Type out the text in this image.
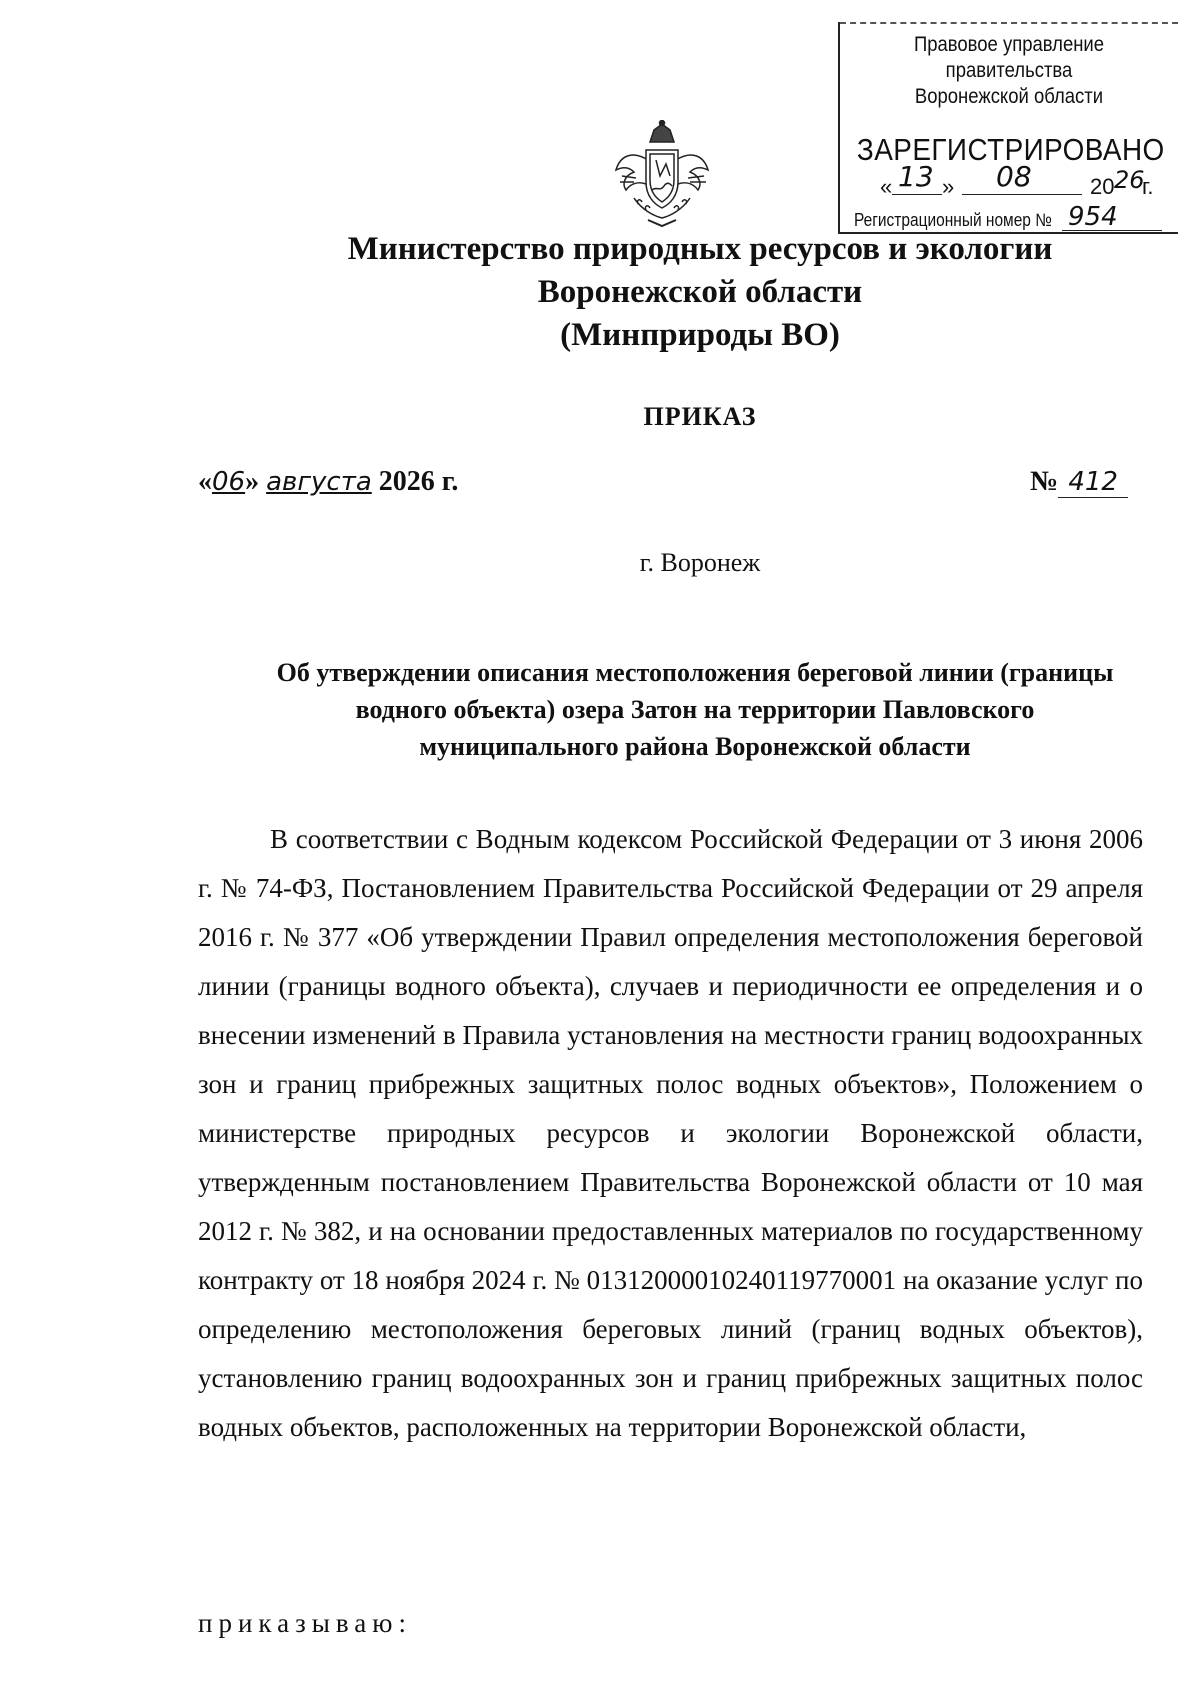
Правовое управление правительства
Воронежской области
ЗАРЕГИСТРИРОВАНО
« 13 » 08	20 26
г.
Регистрационный номер № 954
Министерство природных ресурсов и экологии
Воронежской области
(Минприроды ВО)
ПРИКАЗ
«06» августа 2026 г.	№ 412
г. Воронеж
Об утверждении описания местоположения береговой линии (границы
водного объекта) озера Затон на территории Павловского
муниципального района Воронежской области
В соответствии с Водным кодексом Российской Федерации от 3 июня 2006 г. № 74-ФЗ, Постановлением Правительства Российской Федерации от 29 апреля 2016 г. № 377 «Об утверждении Правил определения местоположения береговой линии (границы водного объекта), случаев и периодичности ее определения и о внесении изменений в Правила установления на местности границ водоохранных зон и границ прибрежных защитных полос водных объектов», Положением о министерстве природных ресурсов и экологии Воронежской области, утвержденным постановлением Правительства Воронежской области от 10 мая 2012 г. № 382, и на основании предоставленных материалов по государственному контракту от 18 ноября 2024 г. № 01312000010240119770001 на оказание услуг по определению местоположения береговых линий (границ водных объектов), установлению границ водоохранных зон и границ прибрежных защитных полос водных объектов, расположенных на территории Воронежской области,
приказываю:
